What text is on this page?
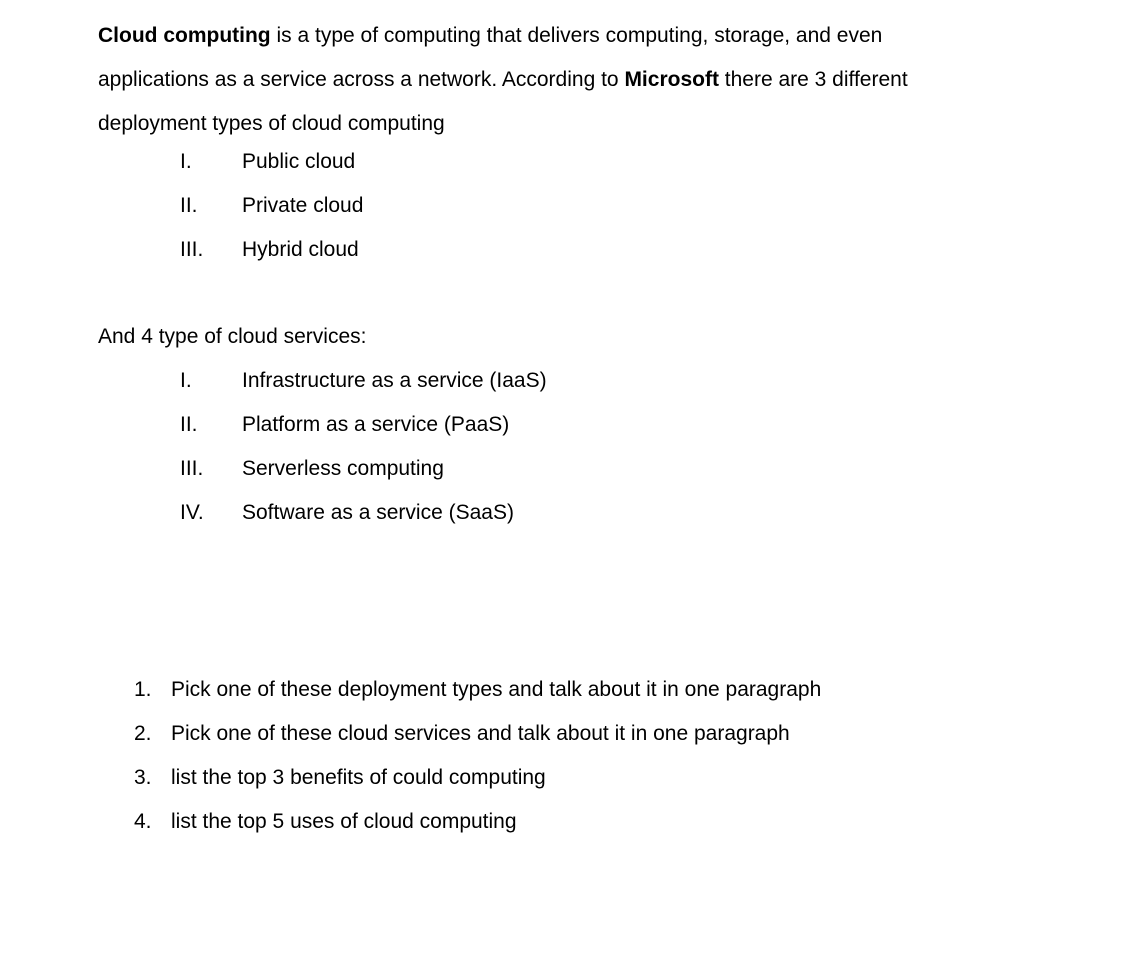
Cloud computing is a type of computing that delivers computing, storage, and even applications as a service across a network. According to Microsoft there are 3 different deployment types of cloud computing

I.	Public cloud
II.	Private cloud
III.	Hybrid cloud

And 4 type of cloud services:

I.	Infrastructure as a service (IaaS)
II.	Platform as a service (PaaS)
III.	Serverless computing
IV.	Software as a service (SaaS)
1. Pick one of these deployment types and talk about it in one paragraph
2. Pick one of these cloud services and talk about it in one paragraph
3. list the top 3 benefits of could computing
4. list the top 5 uses of cloud computing
